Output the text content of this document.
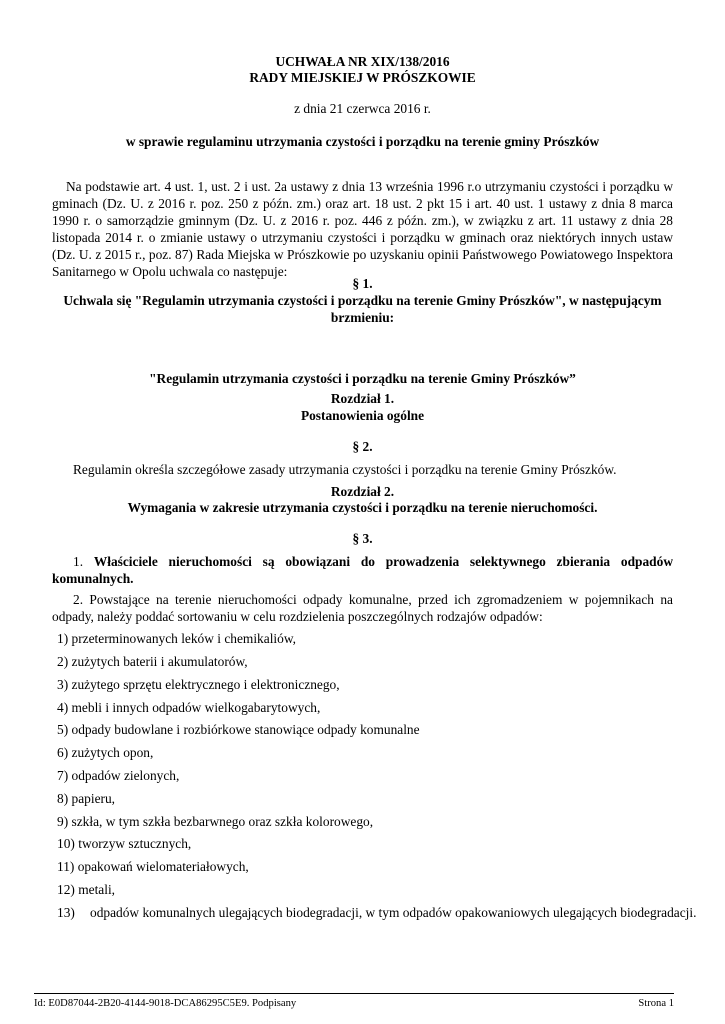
UCHWAŁA NR XIX/138/2016
RADY MIEJSKIEJ W PRÓSZKOWIE
z dnia 21 czerwca 2016 r.
w sprawie regulaminu utrzymania czystości i porządku na terenie gminy Prószków
Na podstawie art. 4 ust. 1, ust. 2 i ust. 2a ustawy z dnia 13 września 1996 r.o utrzymaniu czystości i porządku w gminach (Dz. U. z 2016 r. poz. 250 z późn. zm.) oraz art. 18 ust. 2 pkt 15 i art. 40 ust. 1 ustawy z dnia 8 marca 1990 r. o samorządzie gminnym (Dz. U. z 2016 r. poz. 446 z późn. zm.), w związku z art. 11 ustawy z dnia 28 listopada 2014 r. o zmianie ustawy o utrzymaniu czystości i porządku w gminach oraz niektórych innych ustaw (Dz. U. z 2015 r., poz. 87) Rada Miejska w Prószkowie po uzyskaniu opinii Państwowego Powiatowego Inspektora Sanitarnego w Opolu uchwala co następuje:
§ 1.
Uchwala się "Regulamin utrzymania czystości i porządku na terenie Gminy Prószków", w następującym brzmieniu:
"Regulamin utrzymania czystości i porządku na terenie Gminy Prószków”
Rozdział 1.
Postanowienia ogólne
§ 2.
Regulamin określa szczegółowe zasady utrzymania czystości i porządku na terenie Gminy Prószków.
Rozdział 2.
Wymagania w zakresie utrzymania czystości i porządku na terenie nieruchomości.
§ 3.
1. Właściciele nieruchomości są obowiązani do prowadzenia selektywnego zbierania odpadów komunalnych.
2. Powstające na terenie nieruchomości odpady komunalne, przed ich zgromadzeniem w pojemnikach na odpady, należy poddać sortowaniu w celu rozdzielenia poszczególnych rodzajów odpadów:
1) przeterminowanych leków i chemikaliów,
2) zużytych baterii i akumulatorów,
3) zużytego sprzętu elektrycznego i elektronicznego,
4) mebli i innych odpadów wielkogabarytowych,
5) odpady budowlane i rozbiórkowe stanowiące odpady komunalne
6) zużytych opon,
7) odpadów zielonych,
8) papieru,
9) szkła, w tym szkła bezbarwnego oraz szkła kolorowego,
10) tworzyw sztucznych,
11) opakowań wielomateriałowych,
12) metali,
13) odpadów komunalnych ulegających biodegradacji, w tym odpadów opakowaniowych ulegających biodegradacji.
Id: E0D87044-2B20-4144-9018-DCA86295C5E9. Podpisany	Strona 1
